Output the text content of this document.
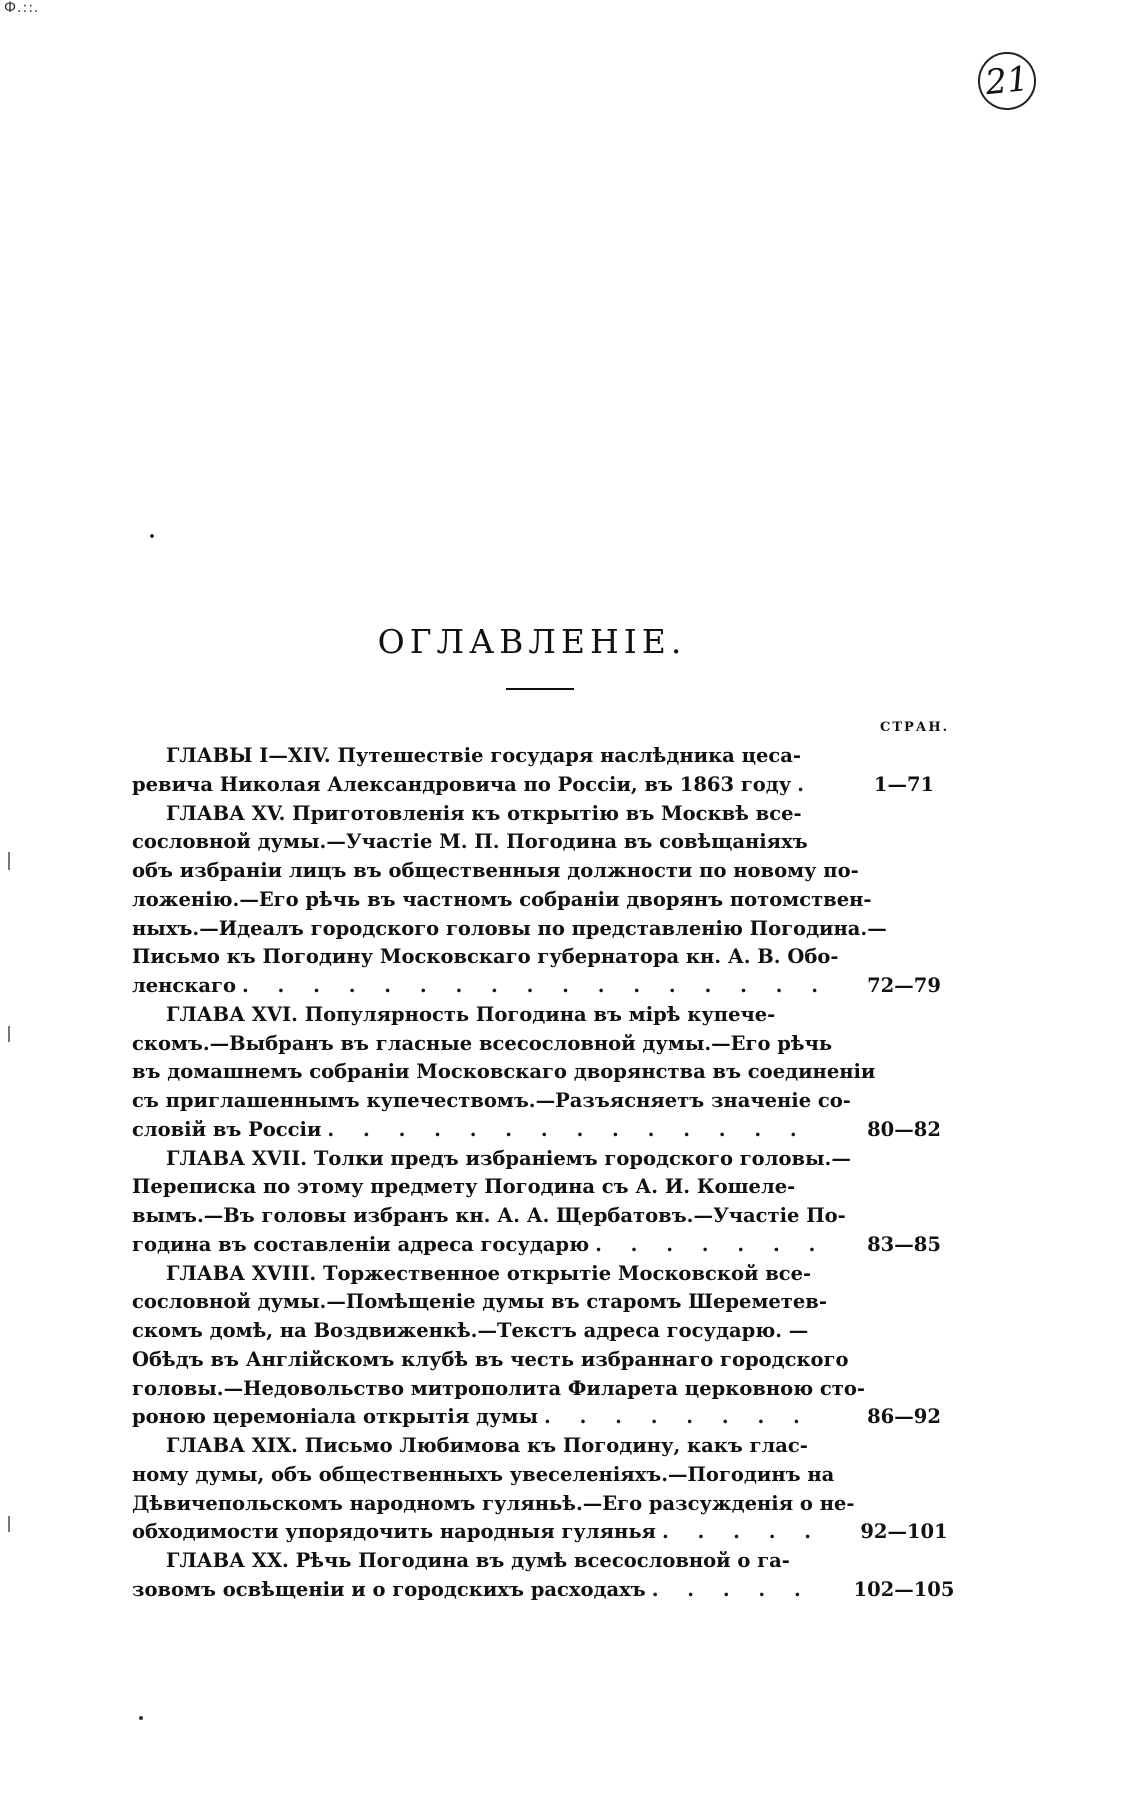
Ф.::.
21
ОГЛАВЛЕНІЕ.
СТРАН.
ГЛАВЫ I—XIV. Путешествіе государя наслѣдника цеса-
ревича Николая Александровича по Россіи, въ 1863 году . . .	1—71
ГЛАВА XV. Приготовленія къ открытію въ Москвѣ все-
сословной думы.—Участіе М. П. Погодина въ совѣщаніяхъ
объ избраніи лицъ въ общественныя должности по новому по-
ложенію.—Его рѣчь въ частномъ собраніи дворянъ потомствен-
ныхъ.—Идеалъ городского головы по представленію Погодина.—
Письмо къ Погодину Московскаго губернатора кн. А. В. Обо-
ленскаго . . .	72—79
ГЛАВА XVI. Популярность Погодина въ мірѣ купече-
скомъ.—Выбранъ въ гласные всесословной думы.—Его рѣчь
въ домашнемъ собраніи Московскаго дворянства въ соединеніи
съ приглашеннымъ купечествомъ.—Разъясняетъ значеніе со-
словій въ Россіи . . .	80—82
ГЛАВА XVII. Толки предъ избраніемъ городского головы.—
Переписка по этому предмету Погодина съ А. И. Кошеле-
вымъ.—Въ головы избранъ кн. А. А. Щербатовъ.—Участіе По-
година въ составленіи адреса государю . . .	83—85
ГЛАВА XVIII. Торжественное открытіе Московской все-
сословной думы.—Помѣщеніе думы въ старомъ Шереметев-
скомъ домѣ, на Воздвиженкѣ.—Текстъ адреса государю. —
Обѣдъ въ Англійскомъ клубѣ въ честь избраннаго городского
головы.—Недовольство митрополита Филарета церковною сто-
роною церемоніала открытія думы . . .	86—92
ГЛАВА XIX. Письмо Любимова къ Погодину, какъ глас-
ному думы, объ общественныхъ увеселеніяхъ.—Погодинъ на
Дѣвичепольскомъ народномъ гуляньѣ.—Его разсужденія о не-
обходимости упорядочить народныя гулянья . . .	92—101
ГЛАВА XX. Рѣчь Погодина въ думѣ всесословной о га-
зовомъ освѣщеніи и о городскихъ расходахъ . . .	102—105
